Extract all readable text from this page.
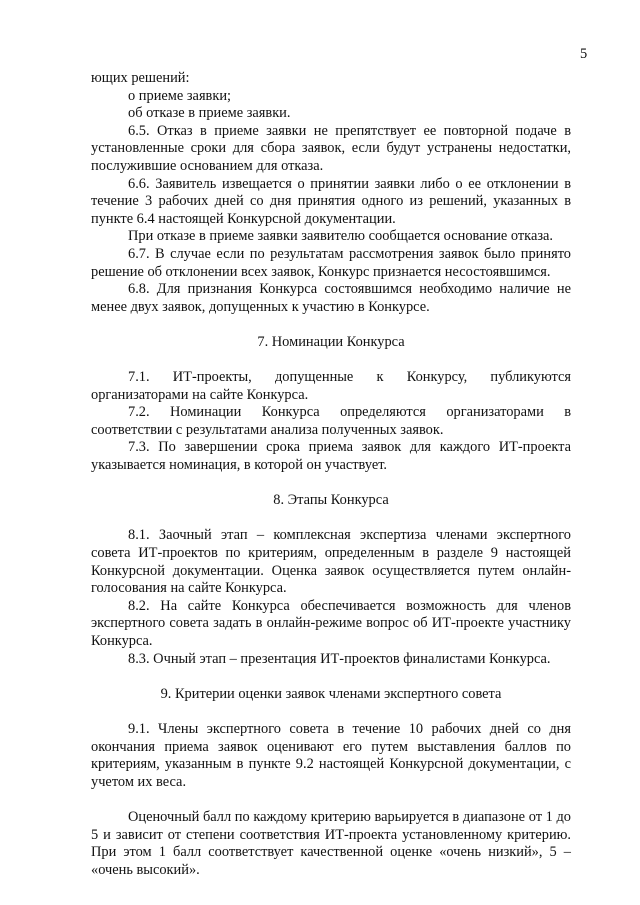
5

ющих решений:

о приеме заявки;

об отказе в приеме заявки.

6.5. Отказ в приеме заявки не препятствует ее повторной подаче в установленные сроки для сбора заявок, если будут устранены недостатки, послужившие основанием для отказа.

6.6. Заявитель извещается о принятии заявки либо о ее отклонении в течение 3 рабочих дней со дня принятия одного из решений, указанных в пункте 6.4 настоящей Конкурсной документации.

При отказе в приеме заявки заявителю сообщается основание отказа.

6.7. В случае если по результатам рассмотрения заявок было принято решение об отклонении всех заявок, Конкурс признается несостоявшимся.

6.8. Для признания Конкурса состоявшимся необходимо наличие не менее двух заявок, допущенных к участию в Конкурсе.

7. Номинации Конкурса

7.1. ИТ-проекты, допущенные к Конкурсу, публикуются организаторами на сайте Конкурса.

7.2. Номинации Конкурса определяются организаторами в соответствии с результатами анализа полученных заявок.

7.3. По завершении срока приема заявок для каждого ИТ-проекта указывается номинация, в которой он участвует.

8. Этапы Конкурса

8.1. Заочный этап – комплексная экспертиза членами экспертного совета ИТ-проектов по критериям, определенным в разделе 9 настоящей Конкурсной документации. Оценка заявок осуществляется путем онлайн-голосования на сайте Конкурса.

8.2. На сайте Конкурса обеспечивается возможность для членов экспертного совета задать в онлайн-режиме вопрос об ИТ-проекте участнику Конкурса.

8.3. Очный этап – презентация ИТ-проектов финалистами Конкурса.

9. Критерии оценки заявок членами экспертного совета

9.1. Члены экспертного совета в течение 10 рабочих дней со дня окончания приема заявок оценивают его путем выставления баллов по критериям, указанным в пункте 9.2 настоящей Конкурсной документации, с учетом их веса.

Оценочный балл по каждому критерию варьируется в диапазоне от 1 до 5 и зависит от степени соответствия ИТ-проекта установленному критерию. При этом 1 балл соответствует качественной оценке «очень низкий», 5 – «очень высокий».
